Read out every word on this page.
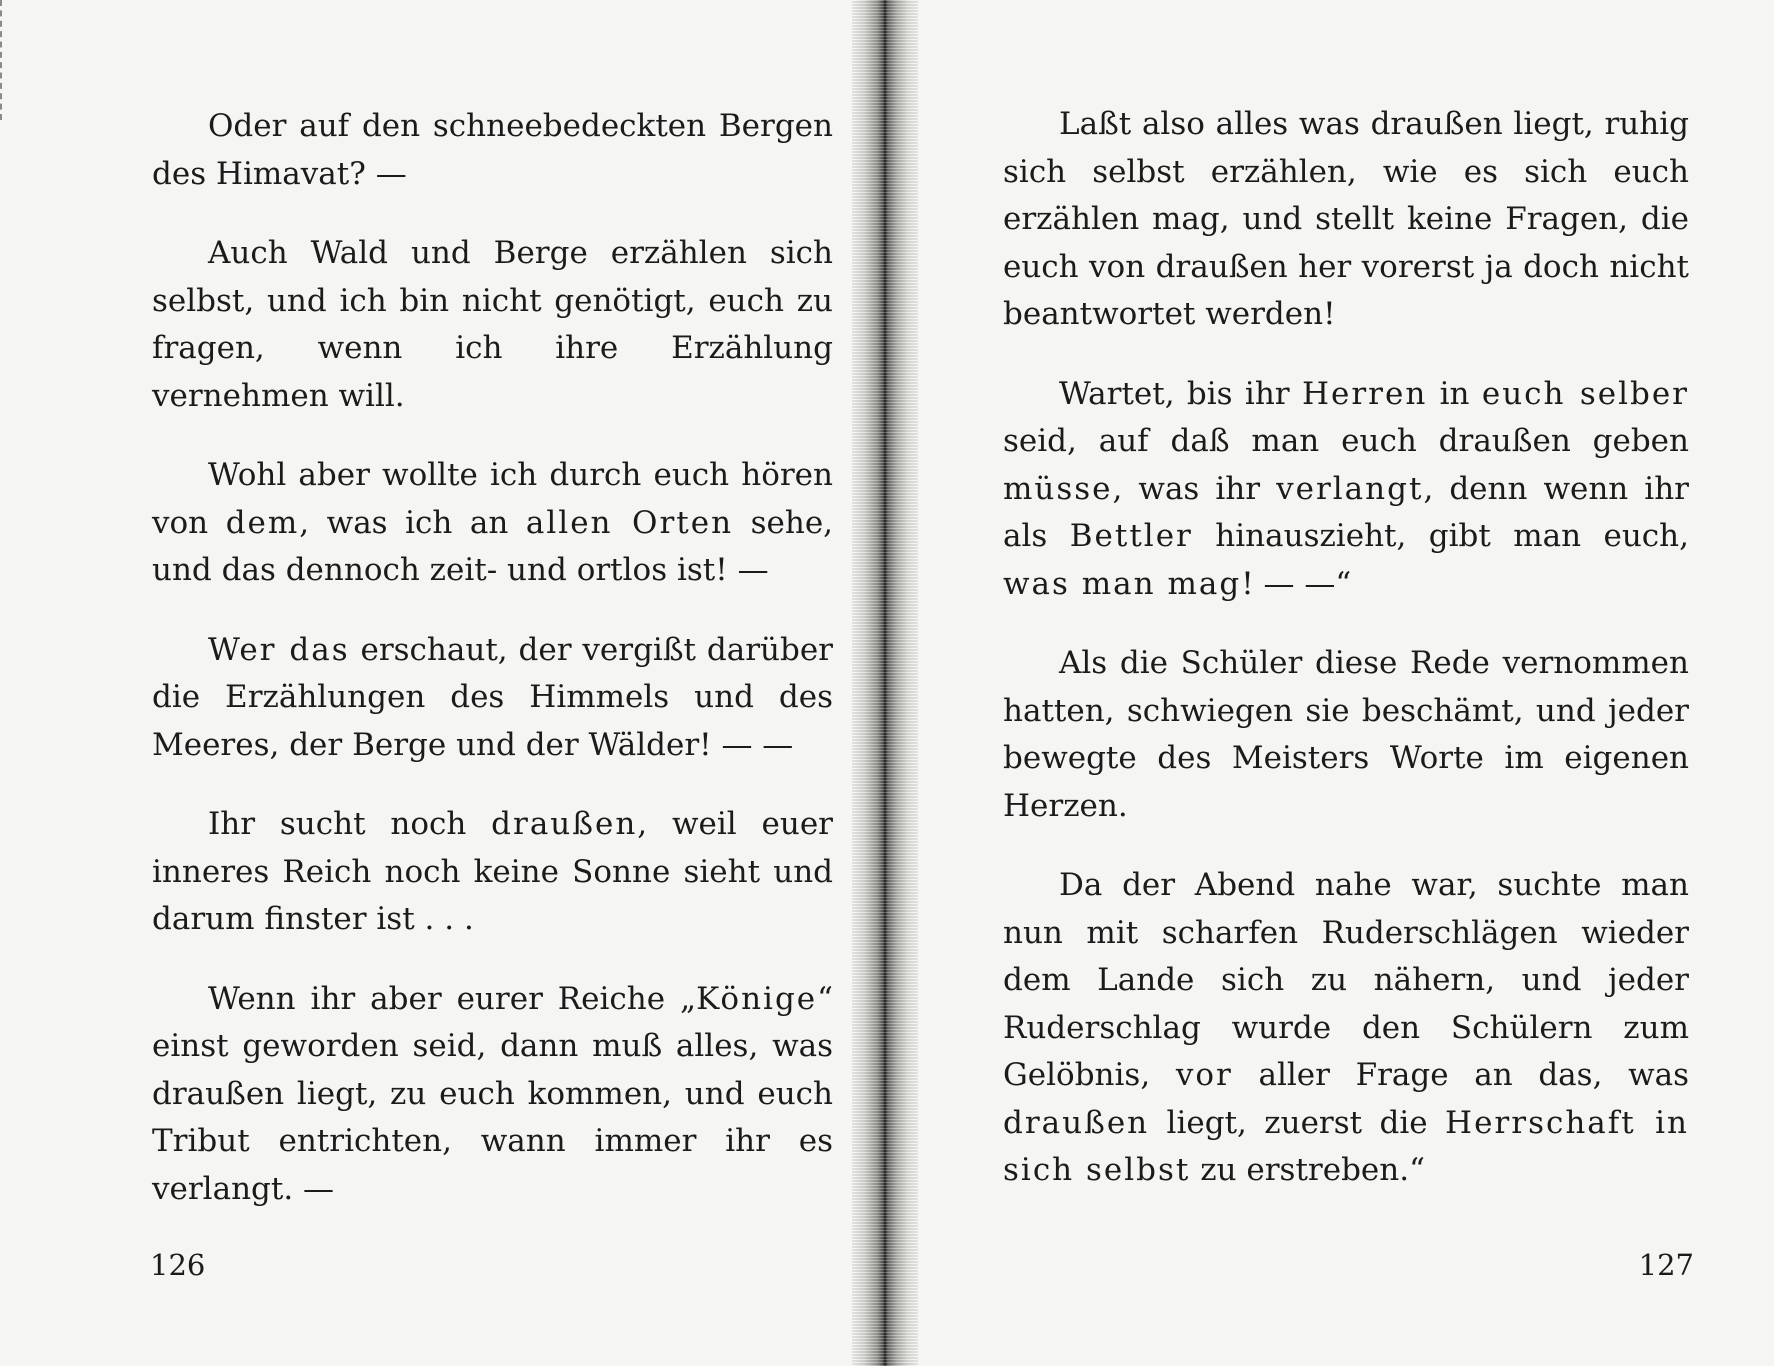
Oder auf den schneebedeckten Bergen des Himavat? —

Auch Wald und Berge erzählen sich selbst, und ich bin nicht genötigt, euch zu fragen, wenn ich ihre Erzählung vernehmen will.

Wohl aber wollte ich durch euch hören von dem, was ich an allen Orten sehe, und das dennoch zeit- und ortlos ist! —

Wer das erschaut, der vergißt darüber die Erzählungen des Himmels und des Meeres, der Berge und der Wälder! — —

Ihr sucht noch draußen, weil euer inneres Reich noch keine Sonne sieht und darum finster ist . . .

Wenn ihr aber eurer Reiche „Könige“ einst geworden seid, dann muß alles, was draußen liegt, zu euch kommen, und euch Tribut entrichten, wann immer ihr es verlangt. —

126

Laßt also alles was draußen liegt, ruhig sich selbst erzählen, wie es sich euch erzählen mag, und stellt keine Fragen, die euch von draußen her vorerst ja doch nicht beantwortet werden!

Wartet, bis ihr Herren in euch selber seid, auf daß man euch draußen geben müsse, was ihr verlangt, denn wenn ihr als Bettler hinauszieht, gibt man euch, was man mag! — —“

Als die Schüler diese Rede vernommen hatten, schwiegen sie beschämt, und jeder bewegte des Meisters Worte im eigenen Herzen.

Da der Abend nahe war, suchte man nun mit scharfen Ruderschlägen wieder dem Lande sich zu nähern, und jeder Ruderschlag wurde den Schülern zum Gelöbnis, vor aller Frage an das, was draußen liegt, zuerst die Herrschaft in sich selbst zu erstreben.“

127
